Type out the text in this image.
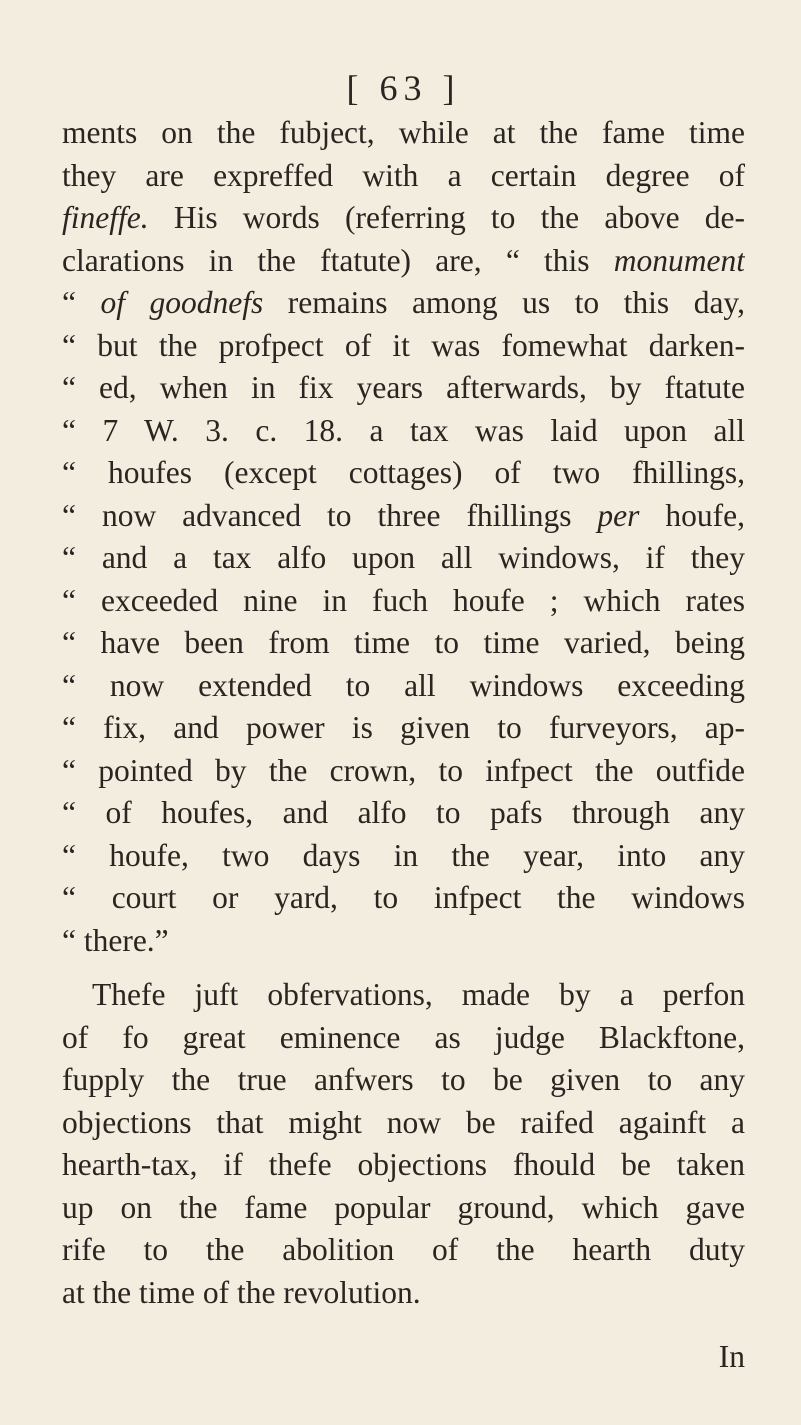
[ 63 ]
ments on the fubject, while at the fame time
they are expreffed with a certain degree of
fineffe. His words (referring to the above de-
clarations in the ftatute) are, “ this monument
“ of goodnefs remains among us to this day,
“ but the profpect of it was fomewhat darken-
“ ed, when in fix years afterwards, by ftatute
“ 7 W. 3. c. 18. a tax was laid upon all
“ houfes (except cottages) of two fhillings,
“ now advanced to three fhillings per houfe,
“ and a tax alfo upon all windows, if they
“ exceeded nine in fuch houfe ; which rates
“ have been from time to time varied, being
“ now extended to all windows exceeding
“ fix, and power is given to furveyors, ap-
“ pointed by the crown, to infpect the outfide
“ of houfes, and alfo to pafs through any
“ houfe, two days in the year, into any
“ court or yard, to infpect the windows
“ there.”
Thefe juft obfervations, made by a perfon
of fo great eminence as judge Blackftone,
fupply the true anfwers to be given to any
objections that might now be raifed againft a
hearth-tax, if thefe objections fhould be taken
up on the fame popular ground, which gave
rife to the abolition of the hearth duty
at the time of the revolution.
In
